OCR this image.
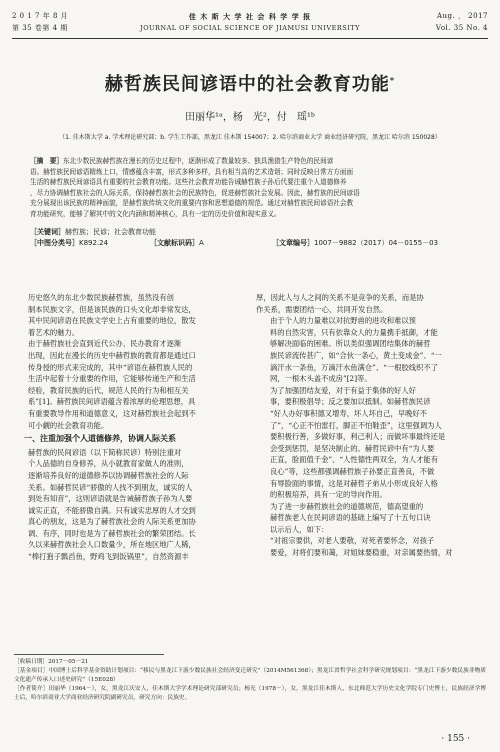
2 0 1 7 年 8 月
第 35 卷第 4 期
佳 木 斯 大 学 社 会 科 学 学 报
JOURNAL OF SOCIAL SCIENCE OF JIAMUSI UNIVERSITY
Aug. ， 2017
Vol. 35 No. 4
赫哲族民间谚语中的社会教育功能*
田丽华¹ᵃ，杨　光²，付　瑶¹ᵇ
（1. 佳木斯大学 a. 学术理论研究部；b. 学生工作部，黑龙江 佳木斯 154007；2. 哈尔滨商业大学 商业经济研究院，黑龙江 哈尔滨 150028）
［摘　要］东北少数民族赫哲族在漫长的历史过程中，逐渐形成了数量较多、独具渔猎生产特色的民间谚
语。赫哲族民间谚语精炼上口，情感蕴含丰富，形式多种多样，具有相当高的艺术造诣；同时反映日常方方面面
生活的赫哲族民间谚语具有重要的社会教育功能。这些社会教育功能告诫赫哲族子孙后代要注重个人道德修养
，尽力协调赫哲族社会的人际关系，保持赫哲族社会的民族特色，促进赫哲族社会发展。因此，赫哲族的民间谚语
充分展现出该民族的精神面貌，是赫哲族传统文化的重要内容和思想道德的规范。通过对赫哲族民间谚语社会教
育功能研究，能够了解其中的文化内涵和精神核心，具有一定的历史价值和现实意义。
［关键词］赫哲族；民谚；社会教育功能
［中图分类号］K892.24	［文献标识码］A	［文章编号］1007－9882（2017）04－0155－03
历史悠久的东北少数民族赫哲族，虽然没有创
制本民族文字，但是该民族的口头文化却非常发达，
其中民间谚语在民族文学史上占有重要的地位，散发
着艺术的魅力。
由于赫哲族社会直到近代公办、民办教育才逐渐
出现，因此在漫长的历史中赫哲族的教育都是通过口
传身授的形式来完成的，其中“谚语在赫哲族人民的
生活中起着十分重要的作用，它能够传递生产和生活
经验，教育民族的后代，规范人民的行为和相互关
系”[1]。赫哲族民间谚语蕴含着浓厚的伦理思想，具
有重要教导作用和道德意义，这对赫哲族社会起到不
可小觑的社会教育功能。
一、注重加强个人道德修养，协调人际关系
赫哲族的民间谚语（以下简称民谚）特别注重对
个人品德的自身修养，从小就教育家做人的准则，
逐渐培养良好的道德修养以协调赫哲族社会的人际
关系。如赫哲民谚“骄傲的人找不到朋友，诚实的人
到处有知音”，这则谚语就是告诫赫哲族子孙为人要
诚实正直，不能骄傲自满。只有诚实忠厚的人才交到
真心的朋友，这是为了赫哲族社会的人际关系更加协
调、有序，同时也是为了赫哲族社会的繁荣团结。长
久以来赫哲族社会人口数量少，所在地区地广人稀，
“棒打狍子瓢舀鱼，野鸡飞到饭锅里”，自然资源丰
厚，因此人与人之间的关系不是竞争的关系，而是协
作关系，需要团结一心、共同开发自然。
由于个人的力量难以对抗野兽的进攻和难以预
料的自然灾害，只有依靠众人的力量携手抵御，才能
够解决面临的困难。所以类似强调团结集体的赫哲
族民谚流传甚广，如“合伙一条心，黄土变成金”、“一
滴汗水一条鱼，万滴汗水鱼满仓”、“一根胶线织不了
网，一根木头盖不成房”[2]等。
为了加强团结友爱，对于有益于集体的好人好
事，要积极倡导；反之要加以抵制。如赫哲族民谚
“好人办好事积德又增寿，坏人坏自己，早晚好不
了”，“心正不怕雷打，脚正不怕鞋歪”，这里强调为人
要积极行善，多做好事，利己利人；而做坏事最终还是
会受到惩罚，是坚决制止的。赫哲民谚中有“为人要
正直，脸面值千金”、“人性德性两双全，为人才能有
良心”等，这些都强调赫哲族子孙要正直善良，不做
有辱脸面的事情，这是对赫哲子弟从小形成良好人格
的积极培养，具有一定的导向作用。
为了进一步赫哲族社会的道德规范，德高望重的
赫哲族老人在民间谚语的基础上编写了十五句口诀
以示后人，如下：
“对祖宗要供，对老人要敬，对死者要怀念，对孩子
要爱，对将们要和蔼，对姐妹要稳重，对亲属要热情，对
［收稿日期］2017－05－21
［基金项目］中国博士后科学基金资助计划项目：“移民与黑龙江下游少数民族社会经济变迁研究”（2014M561368）；黑龙江省哲学社会科学研究规划项目：“黑龙江下游少数民族非物质文化遗产传承人口述史研究”（15E028）
［作者简介］田丽华（1964－），女，黑龙江庆安人，佳木斯大学学术理论研究部研究员；杨光（1978－），女，黑龙江佳木斯人，东北师范大学历史文化学院专门史博士，民族经济学博士后，哈尔滨商业大学商业经济研究院副研究员，研究方向：民族史。
· 155 ·
